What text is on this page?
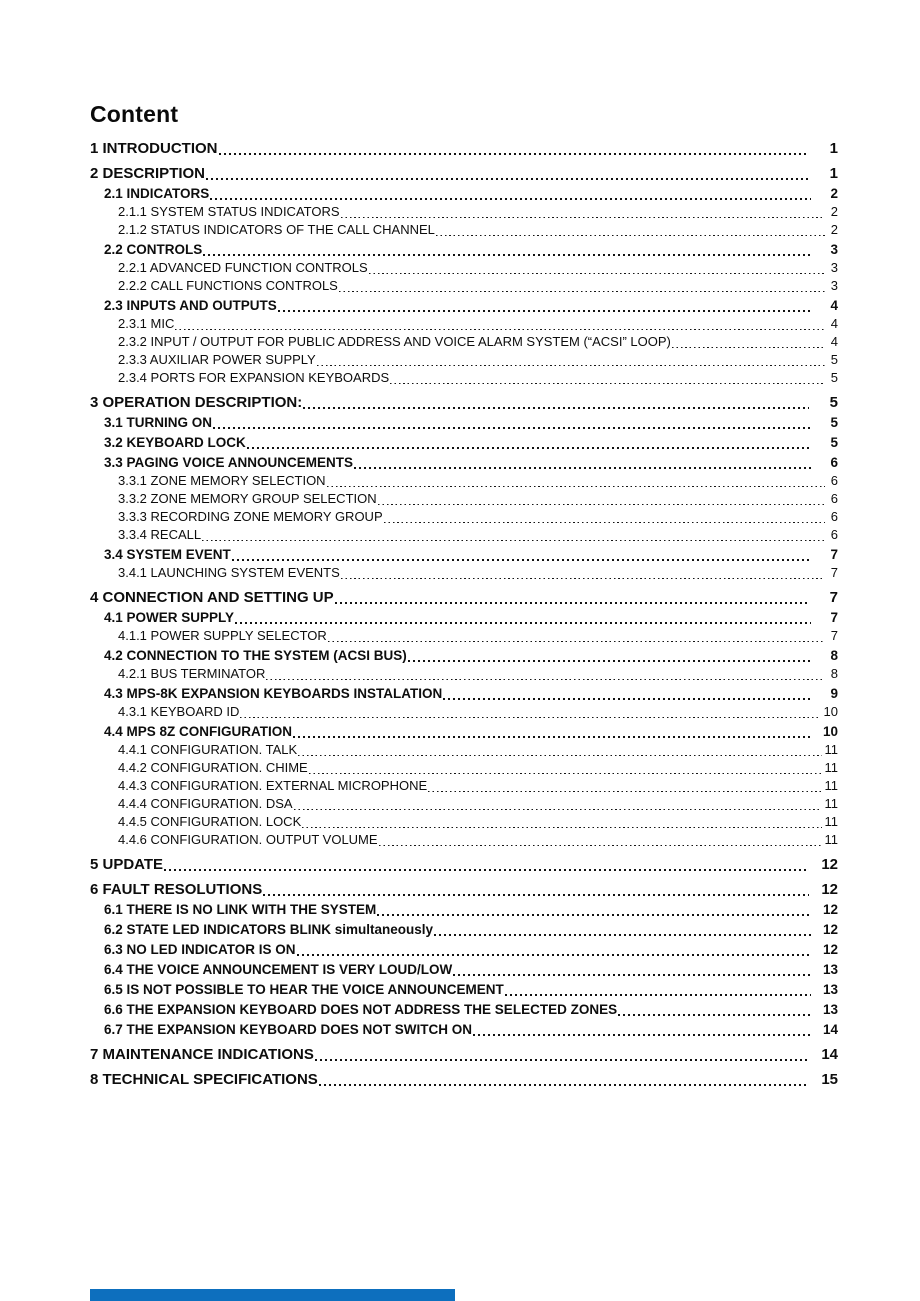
Content
1 INTRODUCTION	1
2 DESCRIPTION	1
2.1 INDICATORS	2
2.1.1 SYSTEM STATUS INDICATORS	2
2.1.2 STATUS INDICATORS OF THE CALL CHANNEL	2
2.2 CONTROLS	3
2.2.1 ADVANCED FUNCTION CONTROLS	3
2.2.2 CALL FUNCTIONS CONTROLS	3
2.3 INPUTS AND OUTPUTS	4
2.3.1 MIC	4
2.3.2 INPUT / OUTPUT FOR PUBLIC ADDRESS AND VOICE ALARM SYSTEM (“ACSI” LOOP)	4
2.3.3 AUXILIAR POWER SUPPLY	5
2.3.4 PORTS FOR EXPANSION KEYBOARDS	5
3 OPERATION DESCRIPTION:	5
3.1 TURNING ON	5
3.2 KEYBOARD LOCK	5
3.3 PAGING VOICE ANNOUNCEMENTS	6
3.3.1 ZONE MEMORY SELECTION	6
3.3.2 ZONE MEMORY GROUP SELECTION	6
3.3.3 RECORDING ZONE MEMORY GROUP	6
3.3.4 RECALL	6
3.4 SYSTEM EVENT	7
3.4.1 LAUNCHING SYSTEM EVENTS	7
4 CONNECTION AND SETTING UP	7
4.1 POWER SUPPLY	7
4.1.1 POWER SUPPLY SELECTOR	7
4.2 CONNECTION TO THE SYSTEM (ACSI BUS)	8
4.2.1 BUS TERMINATOR	8
4.3 MPS-8K EXPANSION KEYBOARDS INSTALATION	9
4.3.1 KEYBOARD ID	10
4.4 MPS 8Z CONFIGURATION	10
4.4.1 CONFIGURATION. TALK	11
4.4.2 CONFIGURATION. CHIME	11
4.4.3 CONFIGURATION. EXTERNAL MICROPHONE	11
4.4.4 CONFIGURATION. DSA	11
4.4.5 CONFIGURATION. LOCK	11
4.4.6 CONFIGURATION. OUTPUT VOLUME	11
5 UPDATE	12
6 FAULT RESOLUTIONS	12
6.1 THERE IS NO LINK WITH THE SYSTEM	12
6.2 STATE LED INDICATORS BLINK simultaneously	12
6.3 NO LED INDICATOR IS ON	12
6.4 THE VOICE ANNOUNCEMENT IS VERY LOUD/LOW	13
6.5 IS NOT POSSIBLE TO HEAR THE VOICE ANNOUNCEMENT	13
6.6 THE EXPANSION KEYBOARD DOES NOT ADDRESS THE SELECTED ZONES	13
6.7 THE EXPANSION KEYBOARD DOES NOT SWITCH ON	14
7 MAINTENANCE INDICATIONS	14
8 TECHNICAL SPECIFICATIONS	15
